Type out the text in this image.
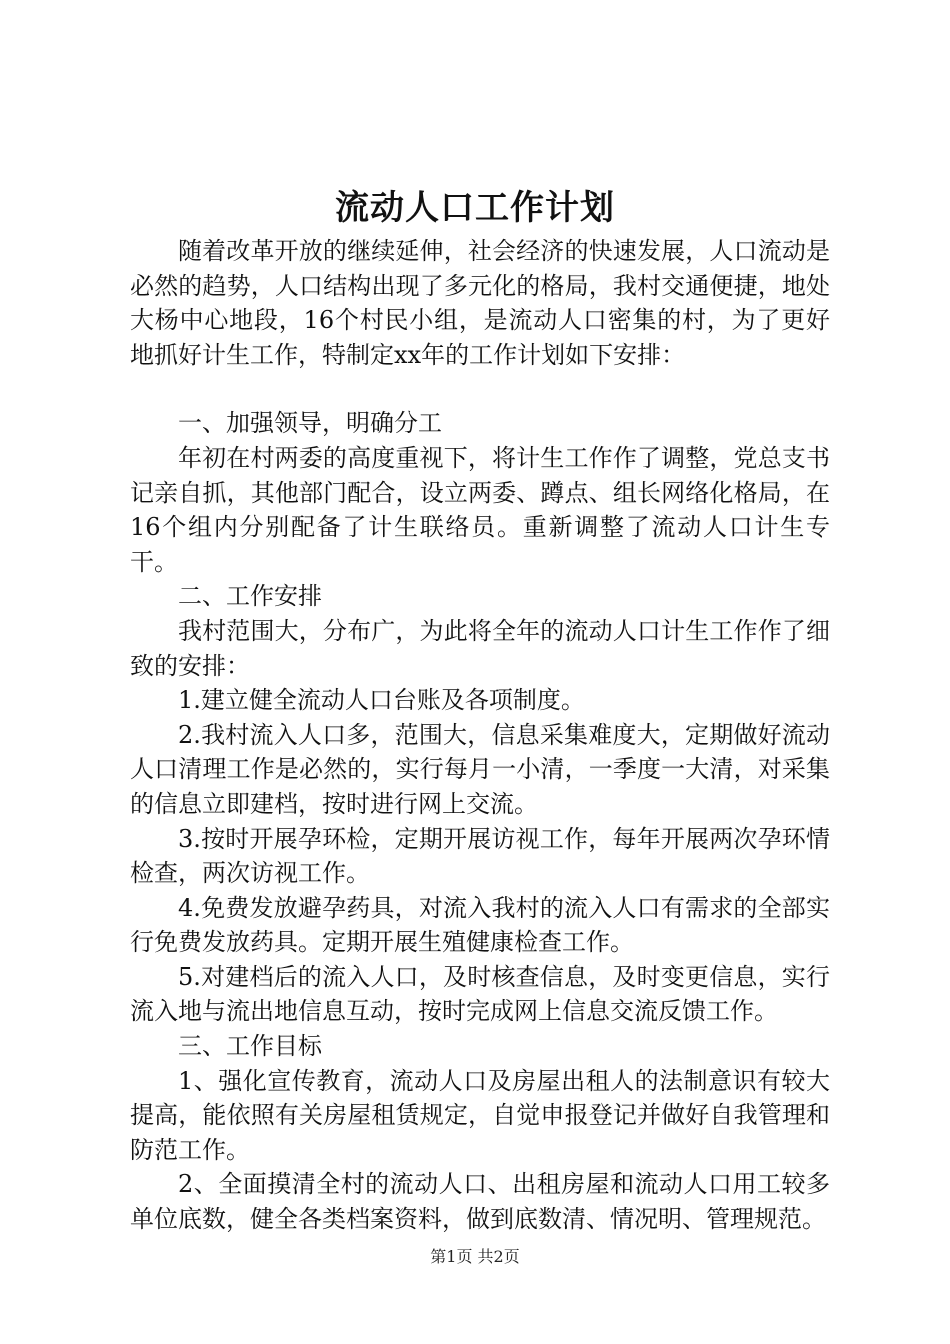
流动人口工作计划

随着改革开放的继续延伸，社会经济的快速发展，人口流动是必然的趋势，人口结构出现了多元化的格局，我村交通便捷，地处大杨中心地段，16个村民小组，是流动人口密集的村，为了更好地抓好计生工作，特制定xx年的工作计划如下安排：

一、加强领导，明确分工

年初在村两委的高度重视下，将计生工作作了调整，党总支书记亲自抓，其他部门配合，设立两委、蹲点、组长网络化格局，在16个组内分别配备了计生联络员。重新调整了流动人口计生专干。

二、工作安排

我村范围大，分布广，为此将全年的流动人口计生工作作了细致的安排：

1.建立健全流动人口台账及各项制度。

2.我村流入人口多，范围大，信息采集难度大，定期做好流动人口清理工作是必然的，实行每月一小清，一季度一大清，对采集的信息立即建档，按时进行网上交流。

3.按时开展孕环检，定期开展访视工作，每年开展两次孕环情检查，两次访视工作。

4.免费发放避孕药具，对流入我村的流入人口有需求的全部实行免费发放药具。定期开展生殖健康检查工作。

5.对建档后的流入人口，及时核查信息，及时变更信息，实行流入地与流出地信息互动，按时完成网上信息交流反馈工作。

三、工作目标

1、强化宣传教育，流动人口及房屋出租人的法制意识有较大提高，能依照有关房屋租赁规定，自觉申报登记并做好自我管理和防范工作。

2、全面摸清全村的流动人口、出租房屋和流动人口用工较多单位底数，健全各类档案资料，做到底数清、情况明、管理规范。

第1页 共2页
